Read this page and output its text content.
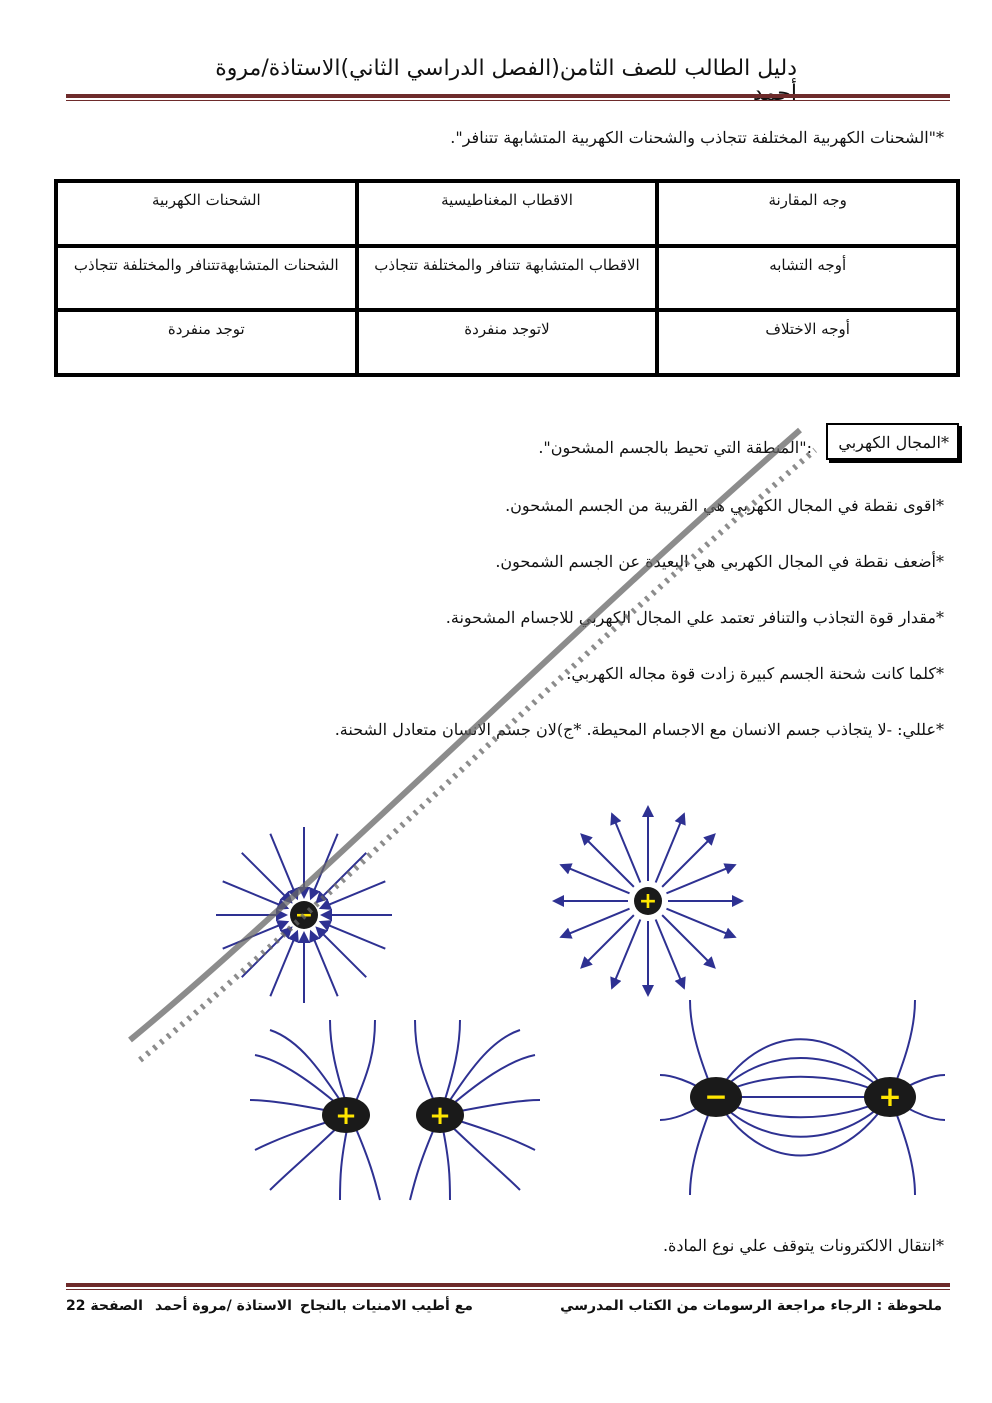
دليل الطالب للصف الثامن(الفصل الدراسي الثاني)الاستاذة/مروة
*"الشحنات الكهربية المختلفة تتجاذب والشحنات الكهربية المتشابهة تتنافر".
الشحنات الكهربية	الاقطاب المغناطيسية	وجه المقارنة
الشحنات المتشابهةتتنافر والمختلفة تتجاذب	الاقطاب المتشابهة تتنافر والمختلفة تتجاذب	أوجه التشابه
توجد منفردة	لاتوجد منفردة	أوجه الاختلاف
*المجال الكهربي
:"المنطقة التي تحيط بالجسم المشحون".
*اقوى نقطة في المجال الكهربي هي القريبة من الجسم المشحون.
*أضعف نقطة في المجال الكهربي هي البعيدة عن الجسم الشمحون.
*مقدار قوة التجاذب والتنافر تعتمد علي المجال الكهربي للاجسام المشحونة.
*كلما كانت شحنة الجسم كبيرة زادت قوة مجاله الكهربي.
*عللي: -لا يتجاذب جسم الانسان مع الاجسام المحيطة. *ج)لان جسم الانسان متعادل الشحنة.
−
+
+	+
−	+
*انتقال الالكترونات يتوقف علي نوع المادة.
ملحوظة : الرجاء مراجعة الرسومات من الكتاب المدرسي
مع أطيب الامنيات بالنجاح
الاستاذة /مروة أحمد
الصفحة 22
